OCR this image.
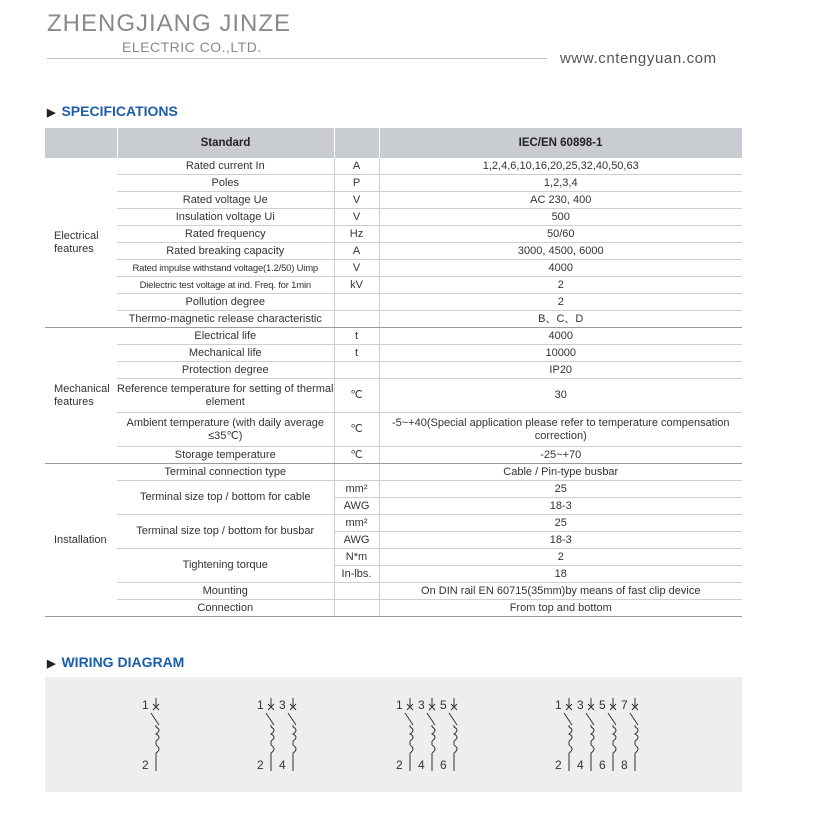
ZHENGJIANG JINZE
ELECTRIC CO.,LTD.
www.cntengyuan.com
▶ SPECIFICATIONS
	Standard		IEC/EN 60898-1
Electrical features	Rated current In	A	1,2,4,6,10,16,20,25,32,40,50,63
	Poles	P	1,2,3,4
	Rated voltage Ue	V	AC 230, 400
	Insulation voltage Ui	V	500
	Rated frequency	Hz	50/60
	Rated breaking capacity	A	3000, 4500, 6000
	Rated impulse withstand voltage(1.2/50) Uimp	V	4000
	Dielectric test voltage at ind. Freq. for 1min	kV	2
	Pollution degree		2
	Thermo-magnetic release characteristic		B、C、D
Mechanical features	Electrical life	t	4000
	Mechanical life	t	10000
	Protection degree		IP20
	Reference temperature for setting of thermal element	℃	30
	Ambient temperature (with daily average ≤35℃)	℃	-5~+40(Special application please refer to temperature compensation correction)
	Storage temperature	℃	-25~+70
Installation	Terminal connection type		Cable / Pin-type busbar
	Terminal size top / bottom for cable	mm²	25
		AWG	18-3
	Terminal size top / bottom for busbar	mm²	25
		AWG	18-3
	Tightening torque	N*m	2
		In-lbs.	18
	Mounting		On DIN rail EN 60715(35mm)by means of fast clip device
	Connection		From top and bottom
▶ WIRING DIAGRAM
1
2
1
2
3
4
1
2
3
4
5
6
1
2
3
4
5
6
7
8
